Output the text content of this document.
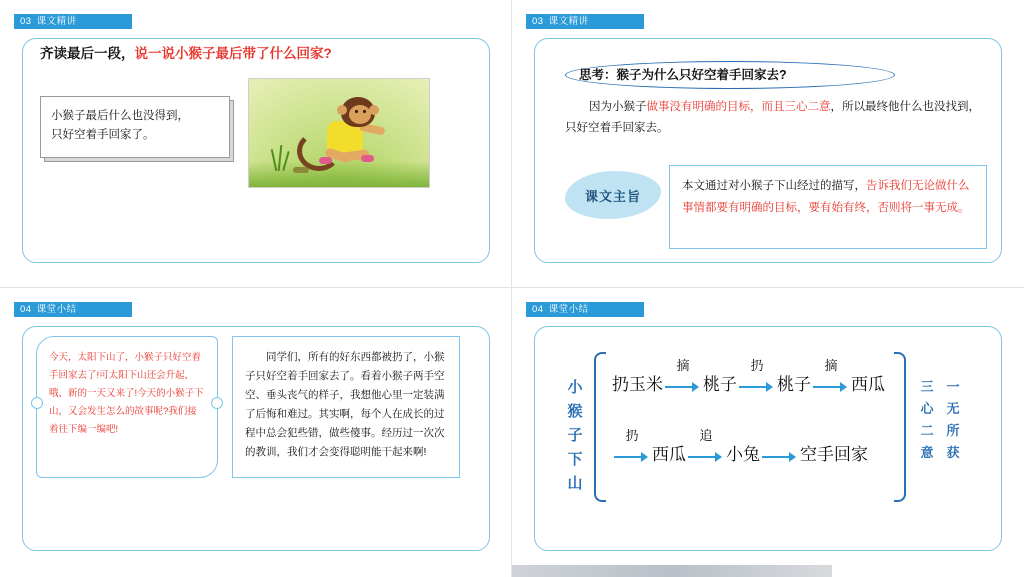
03 课文精讲
齐读最后一段，说一说小猴子最后带了什么回家?
小猴子最后什么也没得到，
只好空着手回家了。
03 课文精讲
思考：猴子为什么只好空着手回家去?
因为小猴子做事没有明确的目标，而且三心二意，所以最终他什么也没找到，只好空着手回家去。
课文主旨
本文通过对小猴子下山经过的描写，告诉我们无论做什么事情都要有明确的目标，要有始有终，否则将一事无成。
04 课堂小结
今天，太阳下山了，小猴子只好空着手回家去了!可太阳下山还会升起，哦，新的一天又来了!今天的小猴子下山，又会发生怎么的故事呢?我们接着往下编一编吧!
同学们，所有的好东西都被扔了，小猴子只好空着手回家去了。看着小猴子两手空空、垂头丧气的样子，我想他心里一定装满了后悔和难过。其实啊，每个人在成长的过程中总会犯些错，做些傻事。经历过一次次的教训，我们才会变得聪明能干起来啊!
04 课堂小结
小猴子下山
三心二意
一无所获
扔玉米
摘
桃子
扔
桃子
摘
西瓜
扔
西瓜
追
小兔 空手回家
